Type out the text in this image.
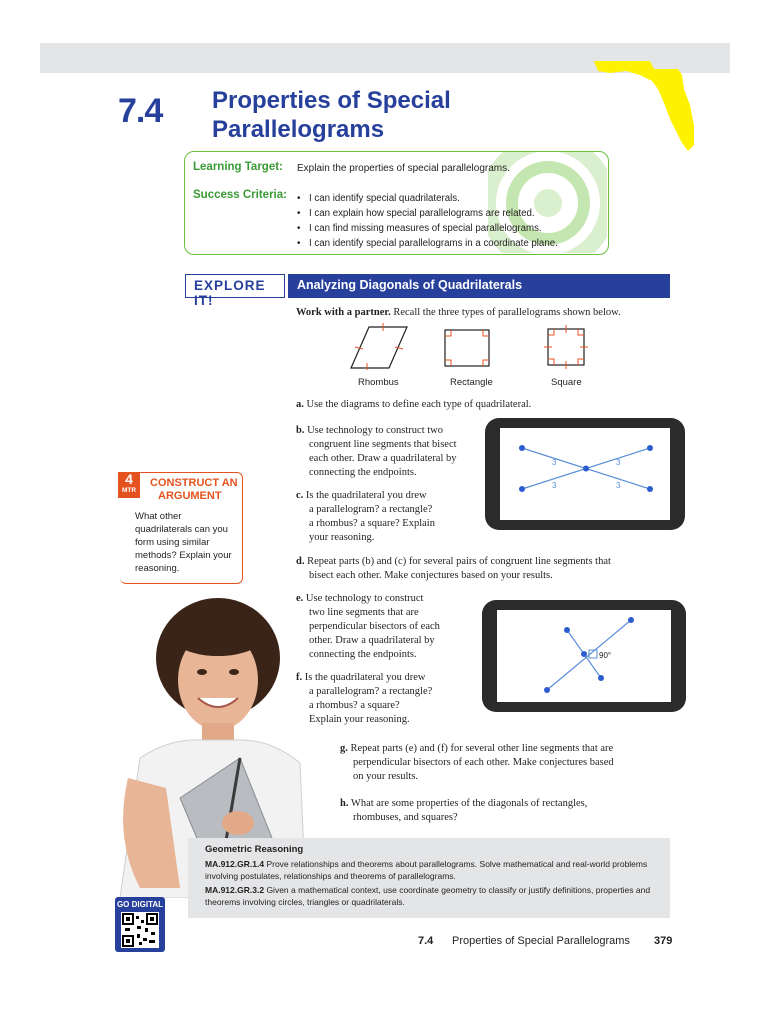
7.4 Properties of Special
Parallelograms
Learning Target: Explain the properties of special parallelograms.
Success Criteria:
•	I can identify special quadrilaterals.
• I can explain how special parallelograms are related.
• I can find missing measures of special parallelograms.
• I can identify special parallelograms in a coordinate plane.
EXPLORE IT!
Analyzing Diagonals of Quadrilaterals
Work with a partner. Recall the three types of parallelograms shown below.
Rhombus	Rectangle	Square
a. Use the diagrams to define each type of quadrilateral.
b. Use technology to construct two
congruent line segments that bisect
each other. Draw a quadrilateral by
connecting the endpoints.
c. Is the quadrilateral you drew
a parallelogram? a rectangle?
a rhombus? a square? Explain
your reasoning.
3	3
3	3
4
MTR
CONSTRUCT AN
ARGUMENT
What other
quadrilaterals can you
form using similar
methods? Explain your
reasoning.
d. Repeat parts (b) and (c) for several pairs of congruent line segments that
bisect each other. Make conjectures based on your results.
e. Use technology to construct
two line segments that are
perpendicular bisectors of each
other. Draw a quadrilateral by
connecting the endpoints.	90°
f. Is the quadrilateral you drew
a parallelogram? a rectangle?
a rhombus? a square?
Explain your reasoning.
g. Repeat parts (e) and (f) for several other line segments that are
perpendicular bisectors of each other. Make conjectures based
on your results.
h. What are some properties of the diagonals of rectangles,
rhombuses, and squares?
Geometric Reasoning
MA.912.GR.1.4 Prove relationships and theorems about parallelograms. Solve mathematical and real-world problems
involving postulates, relationships and theorems of parallelograms.
MA.912.GR.3.2 Given a mathematical context, use coordinate geometry to classify or justify definitions, properties and
theorems involving circles, triangles or quadrilaterals.
GO DIGITAL
7.4 Properties of Special Parallelograms 379
